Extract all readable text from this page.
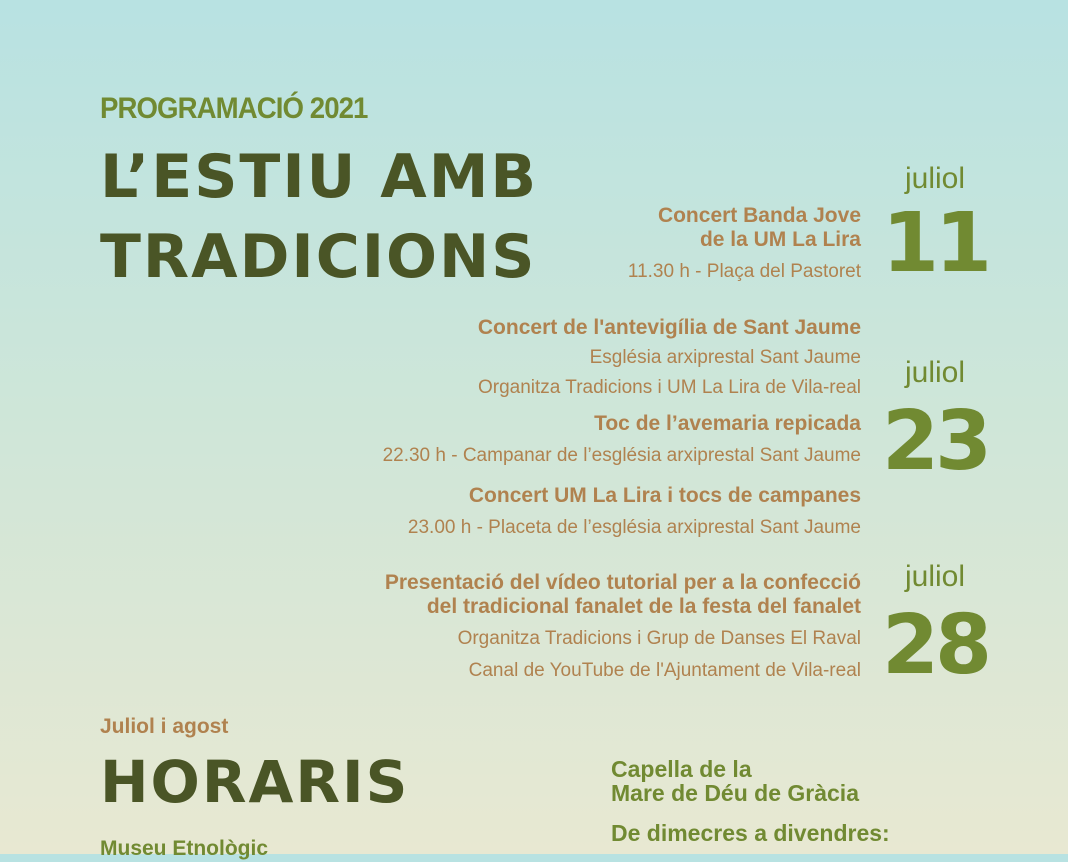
PROGRAMACIÓ 2021
L’ESTIU AMB
TRADICIONS
juliol
11
Concert Banda Jove
de la UM La Lira
11.30 h - Plaça del Pastoret
Concert de l'antevigília de Sant Jaume
Església arxiprestal Sant Jaume
Organitza Tradicions i UM La Lira de Vila-real	juliol
23
Toc de l’avemaria repicada
22.30 h - Campanar de l’església arxiprestal Sant Jaume
Concert UM La Lira i tocs de campanes
23.00 h - Placeta de l’església arxiprestal Sant Jaume
juliol
28
Presentació del vídeo tutorial per a la confecció
del tradicional fanalet de la festa del fanalet
Organitza Tradicions i Grup de Danses El Raval
Canal de YouTube de l'Ajuntament de Vila-real
Juliol i agost
HORARIS
Museu Etnològic
Capella de la
Mare de Déu de Gràcia
De dimecres a divendres:
